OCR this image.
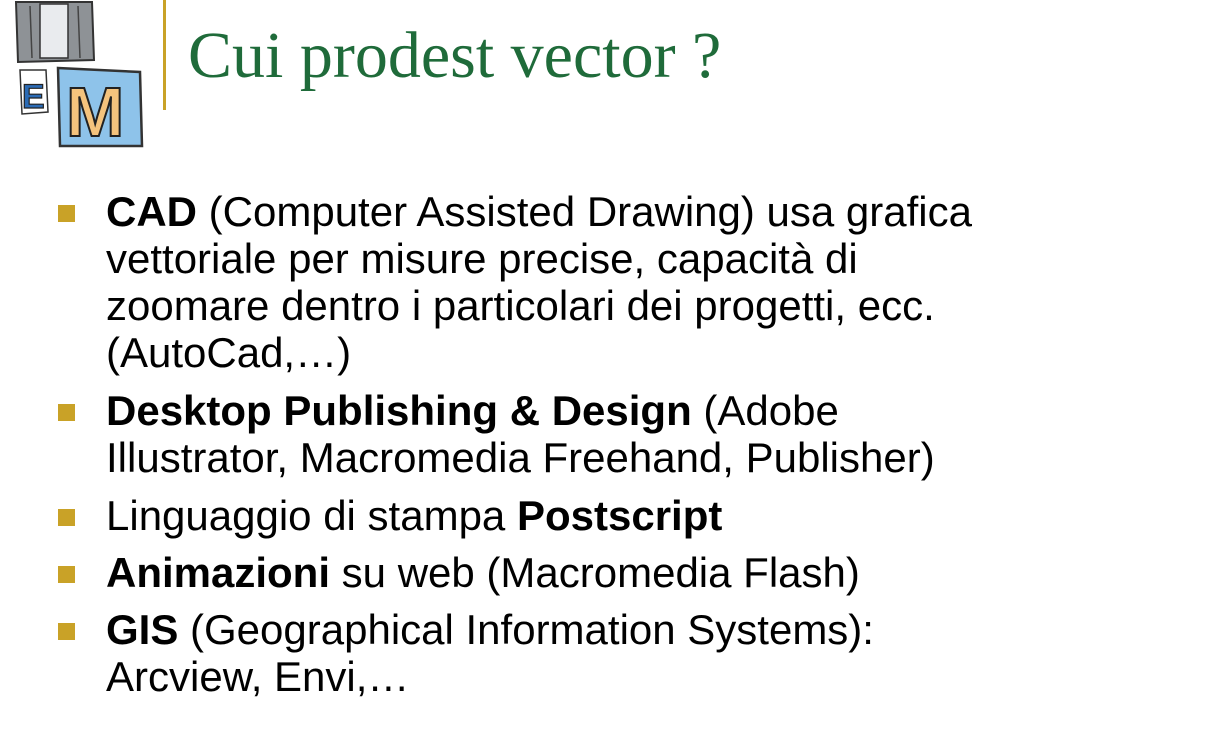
E M
Cui prodest vector ?
CAD (Computer Assisted Drawing) usa grafica
vettoriale per misure precise, capacità di
zoomare dentro i particolari dei progetti, ecc.
(AutoCad,…)
Desktop Publishing & Design (Adobe
Illustrator, Macromedia Freehand, Publisher)
Linguaggio di stampa Postscript
Animazioni su web (Macromedia Flash)
GIS (Geographical Information Systems):
Arcview, Envi,…
